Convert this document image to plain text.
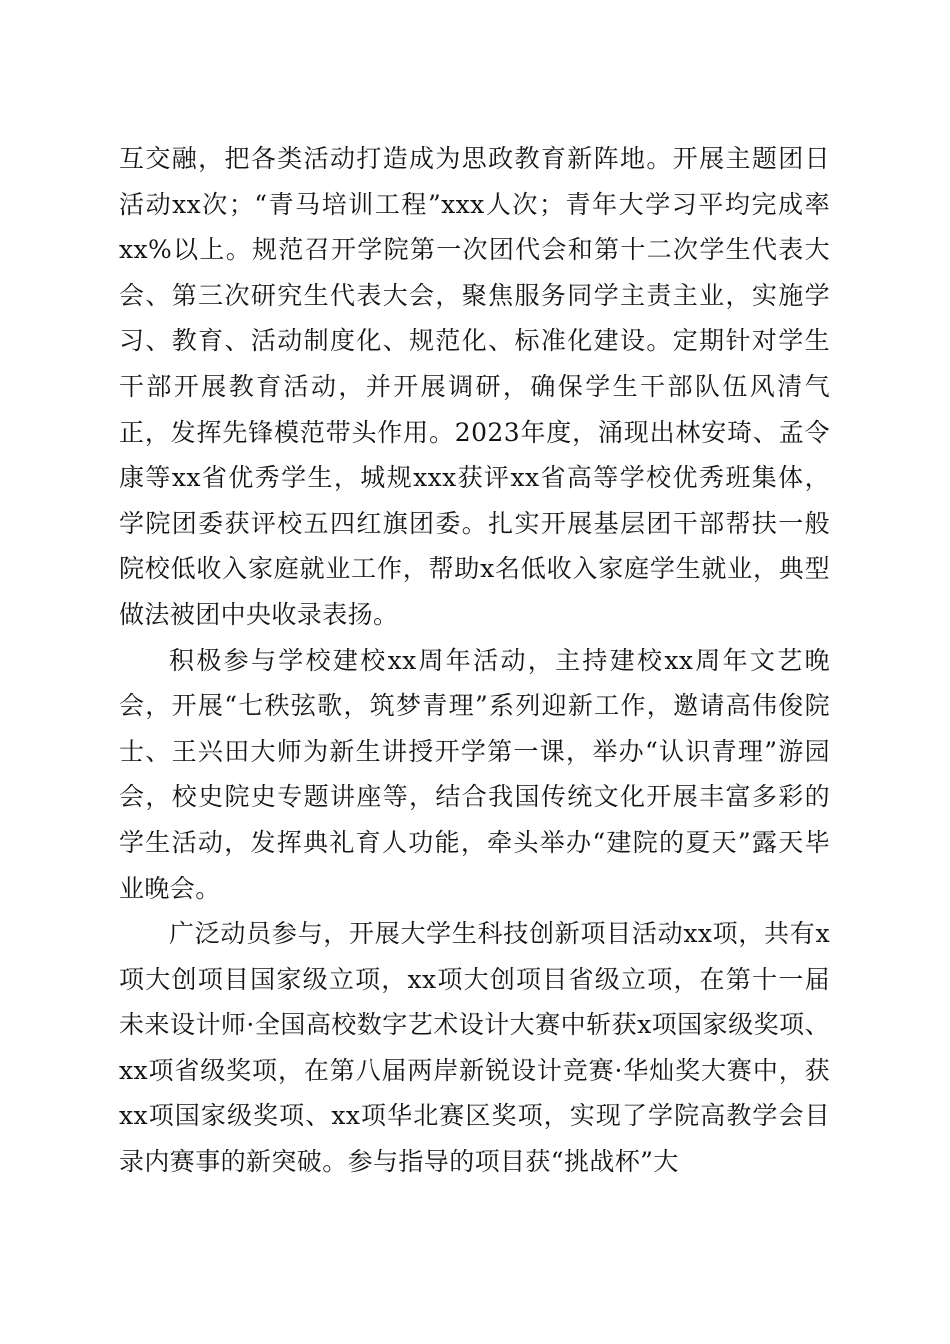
互交融，把各类活动打造成为思政教育新阵地。开展主题团日活动xx次；“青马培训工程”xxx人次；青年大学习平均完成率xx%以上。规范召开学院第一次团代会和第十二次学生代表大会、第三次研究生代表大会，聚焦服务同学主责主业，实施学习、教育、活动制度化、规范化、标准化建设。定期针对学生干部开展教育活动，并开展调研，确保学生干部队伍风清气正，发挥先锋模范带头作用。2023年度，涌现出林安琦、孟令康等xx省优秀学生，城规xxx获评xx省高等学校优秀班集体，学院团委获评校五四红旗团委。扎实开展基层团干部帮扶一般院校低收入家庭就业工作，帮助x名低收入家庭学生就业，典型做法被团中央收录表扬。

积极参与学校建校xx周年活动，主持建校xx周年文艺晚会，开展“七秩弦歌，筑梦青理”系列迎新工作，邀请高伟俊院士、王兴田大师为新生讲授开学第一课，举办“认识青理”游园会，校史院史专题讲座等，结合我国传统文化开展丰富多彩的学生活动，发挥典礼育人功能，牵头举办“建院的夏天”露天毕业晚会。

广泛动员参与，开展大学生科技创新项目活动xx项，共有x项大创项目国家级立项，xx项大创项目省级立项，在第十一届未来设计师·全国高校数字艺术设计大赛中斩获x项国家级奖项、xx项省级奖项，在第八届两岸新锐设计竞赛·华灿奖大赛中，获xx项国家级奖项、xx项华北赛区奖项，实现了学院高教学会目录内赛事的新突破。参与指导的项目获“挑战杯”大
